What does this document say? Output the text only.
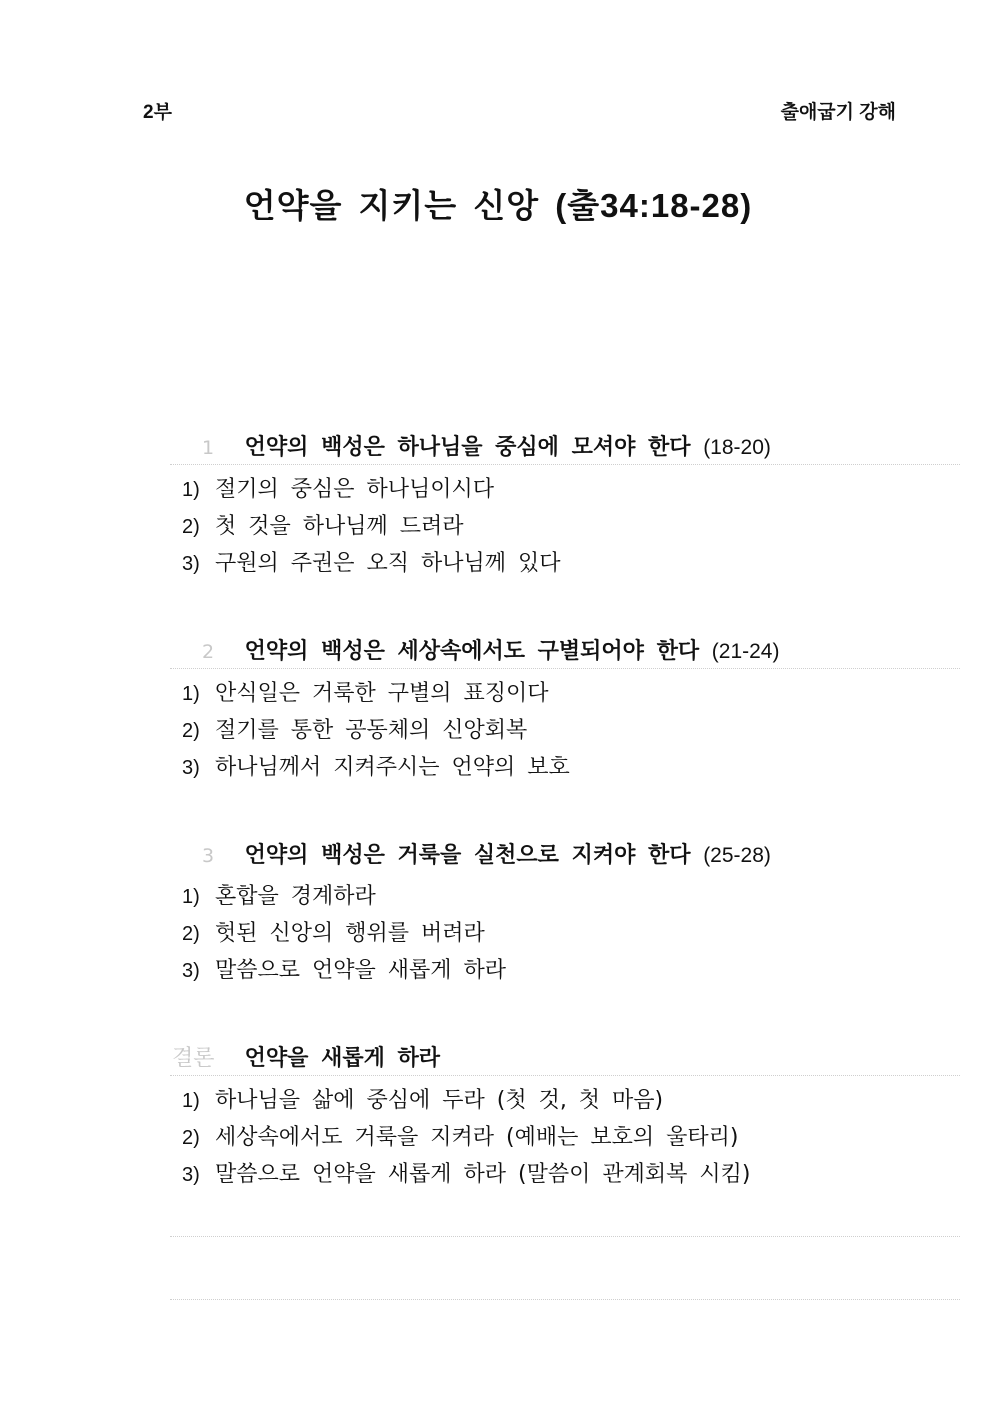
2부	출애굽기 강해
언약을 지키는 신앙 (출34:18-28)
1 언약의 백성은 하나님을 중심에 모셔야 한다 (18-20)
1) 절기의 중심은 하나님이시다
2) 첫 것을 하나님께 드려라
3) 구원의 주권은 오직 하나님께 있다
2 언약의 백성은 세상속에서도 구별되어야 한다 (21-24)
1) 안식일은 거룩한 구별의 표징이다
2) 절기를 통한 공동체의 신앙회복
3) 하나님께서 지켜주시는 언약의 보호
3 언약의 백성은 거룩을 실천으로 지켜야 한다 (25-28)
1) 혼합을 경계하라
2) 헛된 신앙의 행위를 버려라
3) 말씀으로 언약을 새롭게 하라
결론 언약을 새롭게 하라
1) 하나님을 삶에 중심에 두라 (첫 것, 첫 마음)
2) 세상속에서도 거룩을 지켜라 (예배는 보호의 울타리)
3) 말씀으로 언약을 새롭게 하라 (말씀이 관계회복 시킴)
